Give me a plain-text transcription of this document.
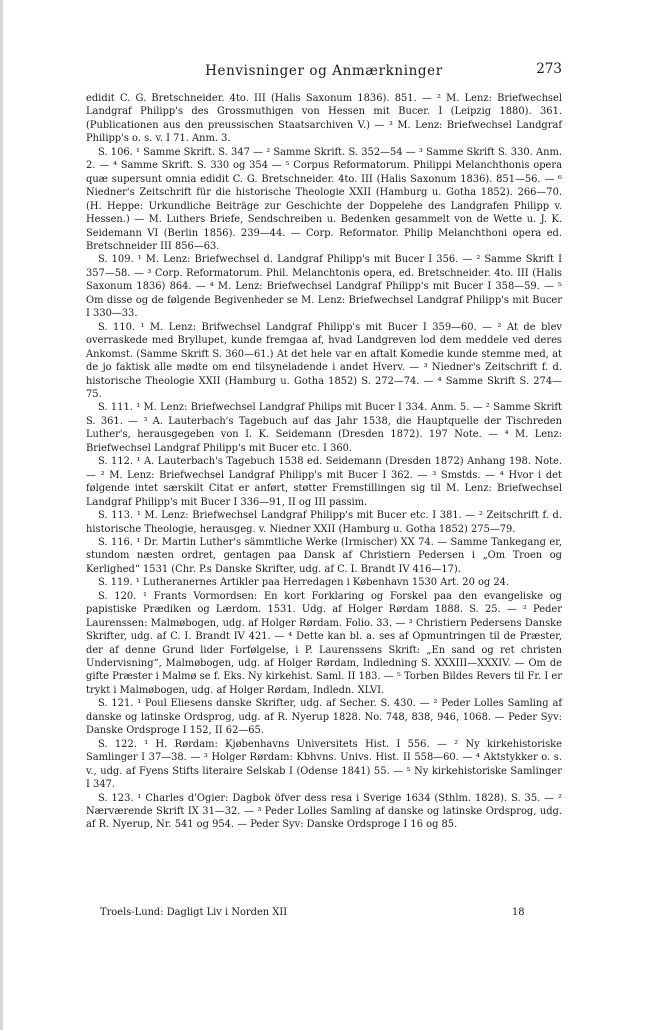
Henvisninger og Anmærkninger	273

edidit C. G. Bretschneider. 4to. III (Halis Saxonum 1836). 851. — ² M. Lenz: Briefwechsel Landgraf Philipp's des Grossmuthigen von Hessen mit Bucer. I (Leipzig 1880). 361. (Publicationen aus den preussischen Staatsarchiven V.) — ³ M. Lenz: Briefwechsel Landgraf Philipp's o. s. v. I 71. Anm. 3.

S. 106. ¹ Samme Skrift. S. 347 — ² Samme Skrift. S. 352—54 — ³ Samme Skrift S. 330. Anm. 2. — ⁴ Samme Skrift. S. 330 og 354 — ⁵ Corpus Reformatorum. Philippi Melanchthonis opera quæ supersunt omnia edidit C. G. Bretschneider. 4to. III (Halis Saxonum 1836). 851—56. — ⁶ Niedner's Zeitschrift für die historische Theologie XXII (Hamburg u. Gotha 1852). 266—70. (H. Heppe: Urkundliche Beiträge zur Geschichte der Doppelehe des Landgrafen Philipp v. Hessen.) — M. Luthers Briefe, Sendschreiben u. Bedenken gesammelt von de Wette u. J. K. Seidemann VI (Berlin 1856). 239—44. — Corp. Reformator. Philip Melanchthoni opera ed. Bretschneider III 856—63.

S. 109. ¹ M. Lenz: Briefwechsel d. Landgraf Philipp's mit Bucer I 356. — ² Samme Skrift I 357—58. — ³ Corp. Reformatorum. Phil. Melanchtonis opera, ed. Bretschneider. 4to. III (Halis Saxonum 1836) 864. — ⁴ M. Lenz: Briefwechsel Landgraf Philipp's mit Bucer I 358—59. — ⁵ Om disse og de følgende Begivenheder se M. Lenz: Briefwechsel Landgraf Philipp's mit Bucer I 330—33.

S. 110. ¹ M. Lenz: Brifwechsel Landgraf Philipp's mit Bucer I 359—60. — ² At de blev overraskede med Bryllupet, kunde fremgaa af, hvad Landgreven lod dem meddele ved deres Ankomst. (Samme Skrift S. 360—61.) At det hele var en aftalt Komedie kunde stemme med, at de jo faktisk alle mødte om end tilsyneladende i andet Hverv. — ³ Niedner's Zeitschrift f. d. historische Theologie XXII (Hamburg u. Gotha 1852) S. 272—74. — ⁴ Samme Skrift S. 274— 75.

S. 111. ¹ M. Lenz: Briefwechsel Landgraf Philips mit Bucer I 334. Anm. 5. — ² Samme Skrift S. 361. — ³ A. Lauterbach's Tagebuch auf das Jahr 1538, die Hauptquelle der Tischreden Luther's, herausgegeben von I. K. Seidemann (Dresden 1872). 197 Note. — ⁴ M. Lenz: Briefwechsel Landgraf Philipp's mit Bucer etc. I 360.

S. 112. ¹ A. Lauterbach's Tagebuch 1538 ed. Seidemann (Dresden 1872) Anhang 198. Note. — ² M. Lenz: Briefwechsel Landgraf Philipp's mit Bucer I 362. — ³ Smstds. — ⁴ Hvor i det følgende intet særskilt Citat er anført, støtter Fremstillingen sig til M. Lenz: Briefwechsel Landgraf Philipp's mit Bucer I 336—91, II og III passim.

S. 113. ¹ M. Lenz: Briefwechsel Landgraf Philipp's mit Bucer etc. I 381. — ² Zeitschrift f. d. historische Theologie, herausgeg. v. Niedner XXII (Hamburg u. Gotha 1852) 275—79.

S. 116. ¹ Dr. Martin Luther's sämmtliche Werke (Irmischer) XX 74. — Samme Tankegang er, stundom næsten ordret, gentagen paa Dansk af Christiern Pedersen i „Om Troen og Kerlighed“ 1531 (Chr. P.s Danske Skrifter, udg. af C. I. Brandt IV 416—17).

S. 119. ¹ Lutheranernes Artikler paa Herredagen i København 1530 Art. 20 og 24.

S. 120. ¹ Frants Vormordsen: En kort Forklaring og Forskel paa den evangeliske og papistiske Prædiken og Lærdom. 1531. Udg. af Holger Rørdam 1888. S. 25. — ² Peder Laurenssen: Malmøbogen, udg. af Holger Rørdam. Folio. 33. — ³ Christiern Pedersens Danske Skrifter, udg. af C. I. Brandt IV 421. — ⁴ Dette kan bl. a. ses af Opmuntringen til de Præster, der af denne Grund lider Forfølgelse, i P. Laurenssens Skrift: „En sand og ret christen Undervisning“, Malmøbogen, udg. af Holger Rørdam, Indledning S. XXXIII—XXXIV. — Om de gifte Præster i Malmø se f. Eks. Ny kirkehist. Saml. II 183. — ⁵ Torben Bildes Revers til Fr. I er trykt i Malmøbogen, udg. af Holger Rørdam, Indledn. XLVI.

S. 121. ¹ Poul Eliesens danske Skrifter, udg. af Secher. S. 430. — ² Peder Lolles Samling af danske og latinske Ordsprog, udg. af R. Nyerup 1828. No. 748, 838, 946, 1068. — Peder Syv: Danske Ordsproge I 152, II 62—65.

S. 122. ¹ H. Rørdam: Kjøbenhavns Universitets Hist. I 556. — ² Ny kirkehistoriske Samlinger I 37—38. — ³ Holger Rørdam: Kbhvns. Univs. Hist. II 558—60. — ⁴ Aktstykker o. s. v., udg. af Fyens Stifts literaire Selskab I (Odense 1841) 55. — ⁵ Ny kirkehistoriske Samlinger I 347.

S. 123. ¹ Charles d'Ogier: Dagbok öfver dess resa i Sverige 1634 (Sthlm. 1828). S. 35. — ² Nærværende Skrift IX 31—32. — ³ Peder Lolles Samling af danske og latinske Ordsprog, udg. af R. Nyerup, Nr. 541 og 954. — Peder Syv: Danske Ordsproge I 16 og 85.

Troels-Lund: Dagligt Liv i Norden XII	18
